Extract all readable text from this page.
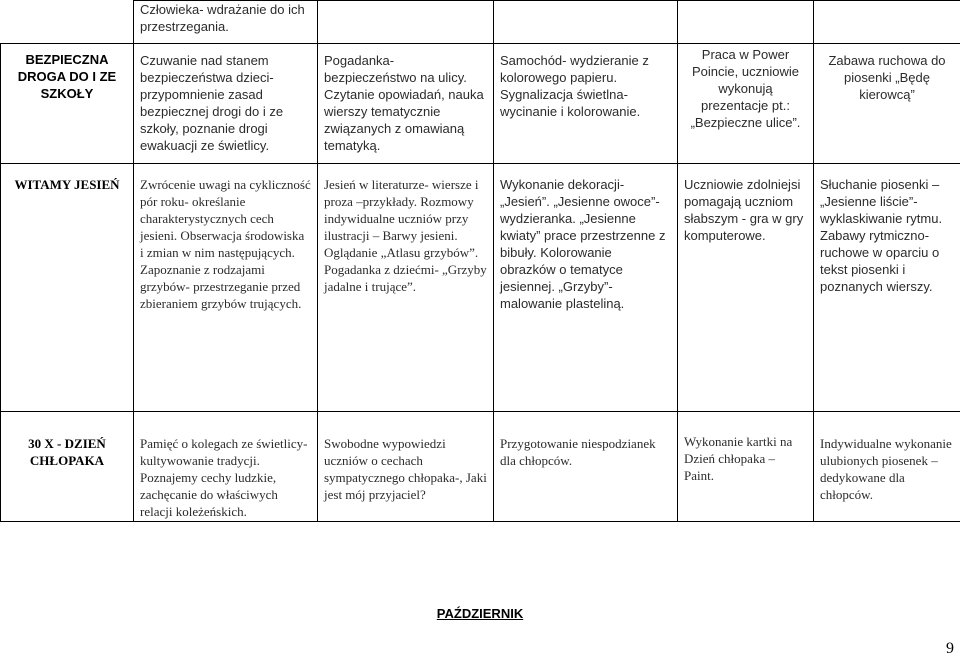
	Człowieka- wdrażanie do ich przestrzegania.				
BEZPIECZNA DROGA DO I ZE SZKOŁY	Czuwanie nad stanem bezpieczeństwa dzieci- przypomnienie zasad bezpiecznej drogi do i ze szkoły, poznanie drogi ewakuacji ze świetlicy.	Pogadanka- bezpieczeństwo na ulicy. Czytanie opowiadań, nauka wierszy tematycznie związanych z omawianą tematyką.	Samochód- wydzieranie z kolorowego papieru. Sygnalizacja świetlna- wycinanie i kolorowanie.	Praca w Power Poincie, uczniowie wykonują prezentacje pt.: „Bezpieczne ulice”.	Zabawa ruchowa do piosenki „Będę kierowcą”
WITAMY JESIEŃ	Zwrócenie uwagi na cykliczność pór roku- określanie charakterystycznych cech jesieni. Obserwacja środowiska i zmian w nim następujących. Zapoznanie z rodzajami grzybów- przestrzeganie przed zbieraniem grzybów trujących.	Jesień w literaturze- wiersze i proza –przykłady. Rozmowy indywidualne uczniów przy ilustracji – Barwy jesieni. Oglądanie „Atlasu grzybów”. Pogadanka z dziećmi- „Grzyby jadalne i trujące”.	Wykonanie dekoracji-„Jesień”. „Jesienne owoce”- wydzieranka. „Jesienne kwiaty” prace przestrzenne z bibuły. Kolorowanie obrazków o tematyce jesiennej. „Grzyby”- malowanie plasteliną.	Uczniowie zdolniejsi pomagają uczniom słabszym - gra w gry komputerowe.	Słuchanie piosenki – „Jesienne liście”- wyklaskiwanie rytmu. Zabawy rytmiczno-ruchowe w oparciu o tekst piosenki i poznanych wierszy.
30 X - DZIEŃ CHŁOPAKA	Pamięć o kolegach ze świetlicy- kultywowanie tradycji. Poznajemy cechy ludzkie, zachęcanie do właściwych relacji koleżeńskich.	Swobodne wypowiedzi uczniów o cechach sympatycznego chłopaka-, Jaki jest mój przyjaciel?	Przygotowanie niespodzianek dla chłopców.	Wykonanie kartki na Dzień chłopaka – Paint.	Indywidualne wykonanie ulubionych piosenek – dedykowane dla chłopców.
PAŹDZIERNIK
9
